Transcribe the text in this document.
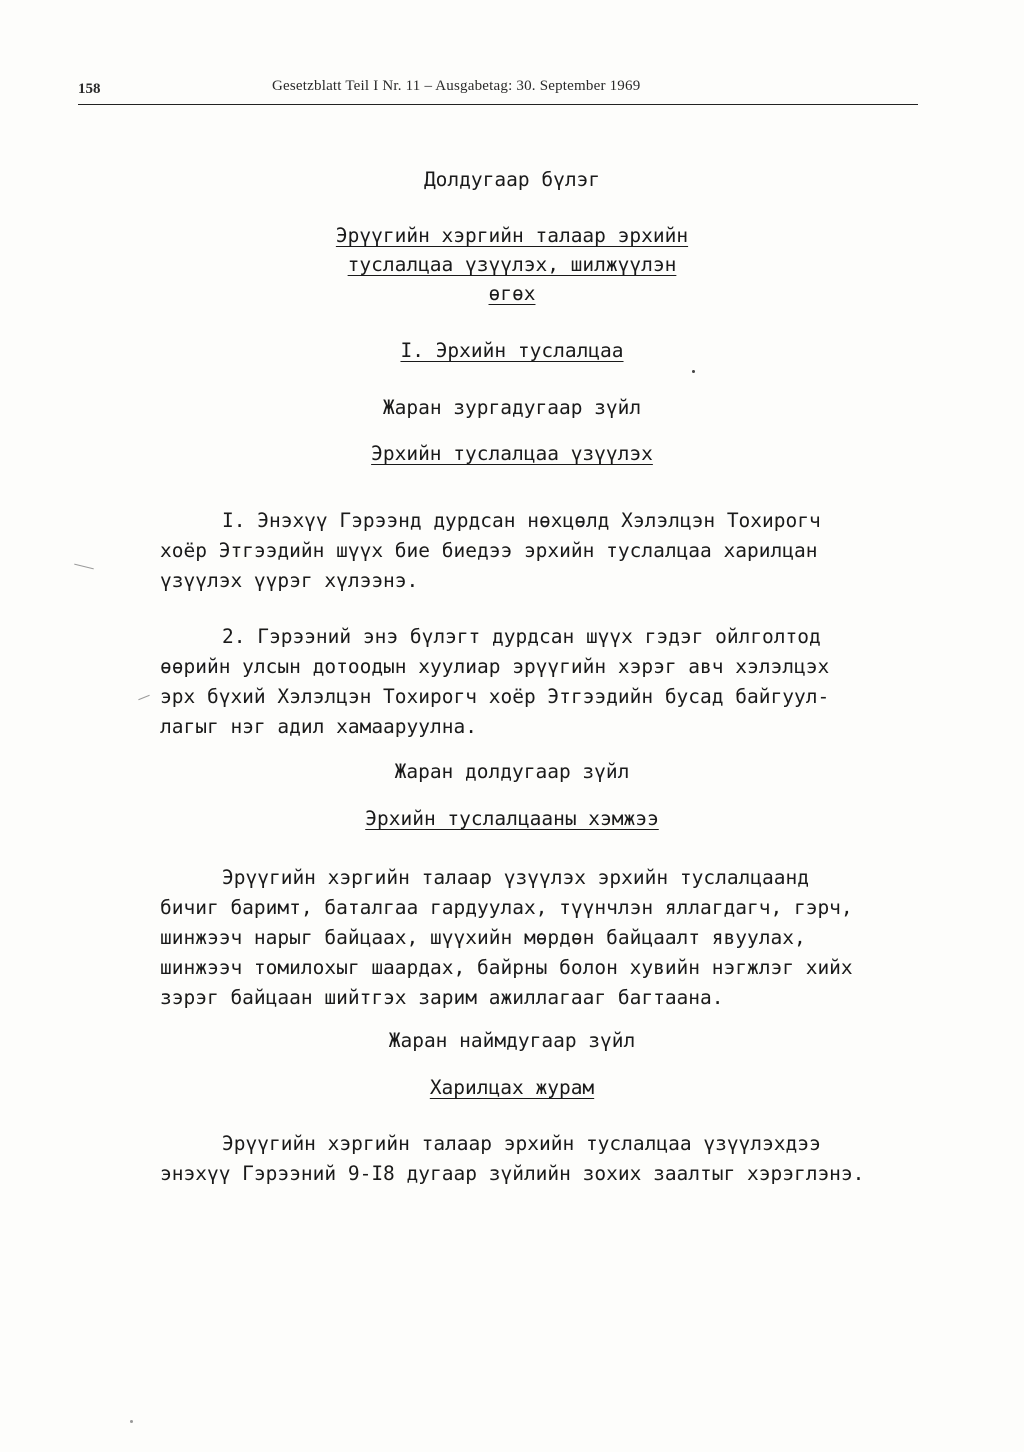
158	Gesetzblatt Teil I Nr. 11 – Ausgabetag: 30. September 1969
Долдугаар бүлэг
Эрүүгийн хэргийн талаар эрхийн
туслалцаа үзүүлэх, шилжүүлэн
өгөх
I. Эрхийн туслалцаа
Жаран зургадугаар зүйл
Эрхийн туслалцаа үзүүлэх
I. Энэхүү Гэрээнд дурдсан нөхцөлд Хэлэлцэн Тохирогч
хоёр Этгээдийн шүүх бие биедээ эрхийн туслалцаа харилцан
үзүүлэх үүрэг хүлээнэ.
2. Гэрээний энэ бүлэгт дурдсан шүүх гэдэг ойлголтод
өөрийн улсын дотоодын хуулиар эрүүгийн хэрэг авч хэлэлцэх
эрх бүхий Хэлэлцэн Тохирогч хоёр Этгээдийн бусад байгуул-
лагыг нэг адил хамааруулна.
Жаран долдугаар зүйл
Эрхийн туслалцааны хэмжээ
Эрүүгийн хэргийн талаар үзүүлэх эрхийн туслалцаанд
бичиг баримт, баталгаа гардуулах, түүнчлэн яллагдагч, гэрч,
шинжээч нарыг байцаах, шүүхийн мөрдөн байцаалт явуулах,
шинжээч томилохыг шаардах, байрны болон хувийн нэгжлэг хийх
зэрэг байцаан шийтгэх зарим ажиллагааг багтаана.
Жаран наймдугаар зүйл
Харилцах журам
Эрүүгийн хэргийн талаар эрхийн туслалцаа үзүүлэхдээ
энэхүү Гэрээний 9-I8 дугаар зүйлийн зохих заалтыг хэрэглэнэ.
